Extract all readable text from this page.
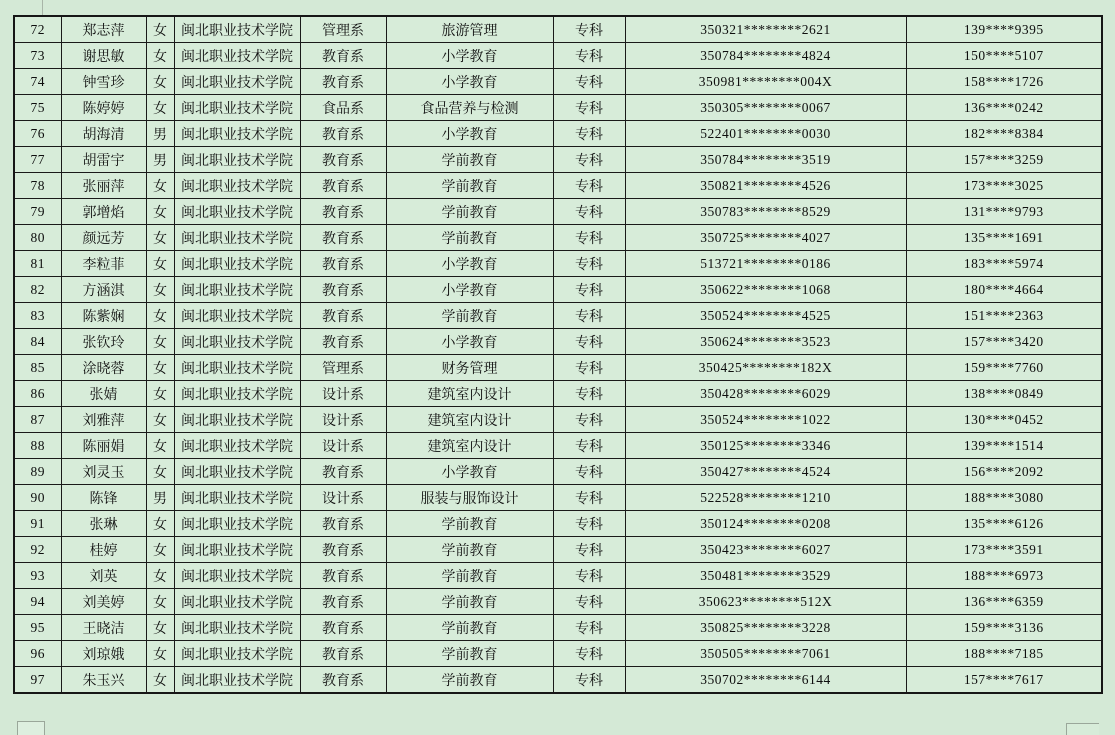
72	郑志萍	女	闽北职业技术学院	管理系	旅游管理	专科	350321********2621	139****9395
73	谢思敏	女	闽北职业技术学院	教育系	小学教育	专科	350784********4824	150****5107
74	钟雪珍	女	闽北职业技术学院	教育系	小学教育	专科	350981********004X	158****1726
75	陈婷婷	女	闽北职业技术学院	食品系	食品营养与检测	专科	350305********0067	136****0242
76	胡海清	男	闽北职业技术学院	教育系	小学教育	专科	522401********0030	182****8384
77	胡雷宇	男	闽北职业技术学院	教育系	学前教育	专科	350784********3519	157****3259
78	张丽萍	女	闽北职业技术学院	教育系	学前教育	专科	350821********4526	173****3025
79	郭增焰	女	闽北职业技术学院	教育系	学前教育	专科	350783********8529	131****9793
80	颜远芳	女	闽北职业技术学院	教育系	学前教育	专科	350725********4027	135****1691
81	李粒菲	女	闽北职业技术学院	教育系	小学教育	专科	513721********0186	183****5974
82	方涵淇	女	闽北职业技术学院	教育系	小学教育	专科	350622********1068	180****4664
83	陈紫娴	女	闽北职业技术学院	教育系	学前教育	专科	350524********4525	151****2363
84	张钦玲	女	闽北职业技术学院	教育系	小学教育	专科	350624********3523	157****3420
85	涂晓蓉	女	闽北职业技术学院	管理系	财务管理	专科	350425********182X	159****7760
86	张婧	女	闽北职业技术学院	设计系	建筑室内设计	专科	350428********6029	138****0849
87	刘雅萍	女	闽北职业技术学院	设计系	建筑室内设计	专科	350524********1022	130****0452
88	陈丽娟	女	闽北职业技术学院	设计系	建筑室内设计	专科	350125********3346	139****1514
89	刘灵玉	女	闽北职业技术学院	教育系	小学教育	专科	350427********4524	156****2092
90	陈锋	男	闽北职业技术学院	设计系	服装与服饰设计	专科	522528********1210	188****3080
91	张琳	女	闽北职业技术学院	教育系	学前教育	专科	350124********0208	135****6126
92	桂婷	女	闽北职业技术学院	教育系	学前教育	专科	350423********6027	173****3591
93	刘英	女	闽北职业技术学院	教育系	学前教育	专科	350481********3529	188****6973
94	刘美婷	女	闽北职业技术学院	教育系	学前教育	专科	350623********512X	136****6359
95	王晓洁	女	闽北职业技术学院	教育系	学前教育	专科	350825********3228	159****3136
96	刘琼娥	女	闽北职业技术学院	教育系	学前教育	专科	350505********7061	188****7185
97	朱玉兴	女	闽北职业技术学院	教育系	学前教育	专科	350702********6144	157****7617
